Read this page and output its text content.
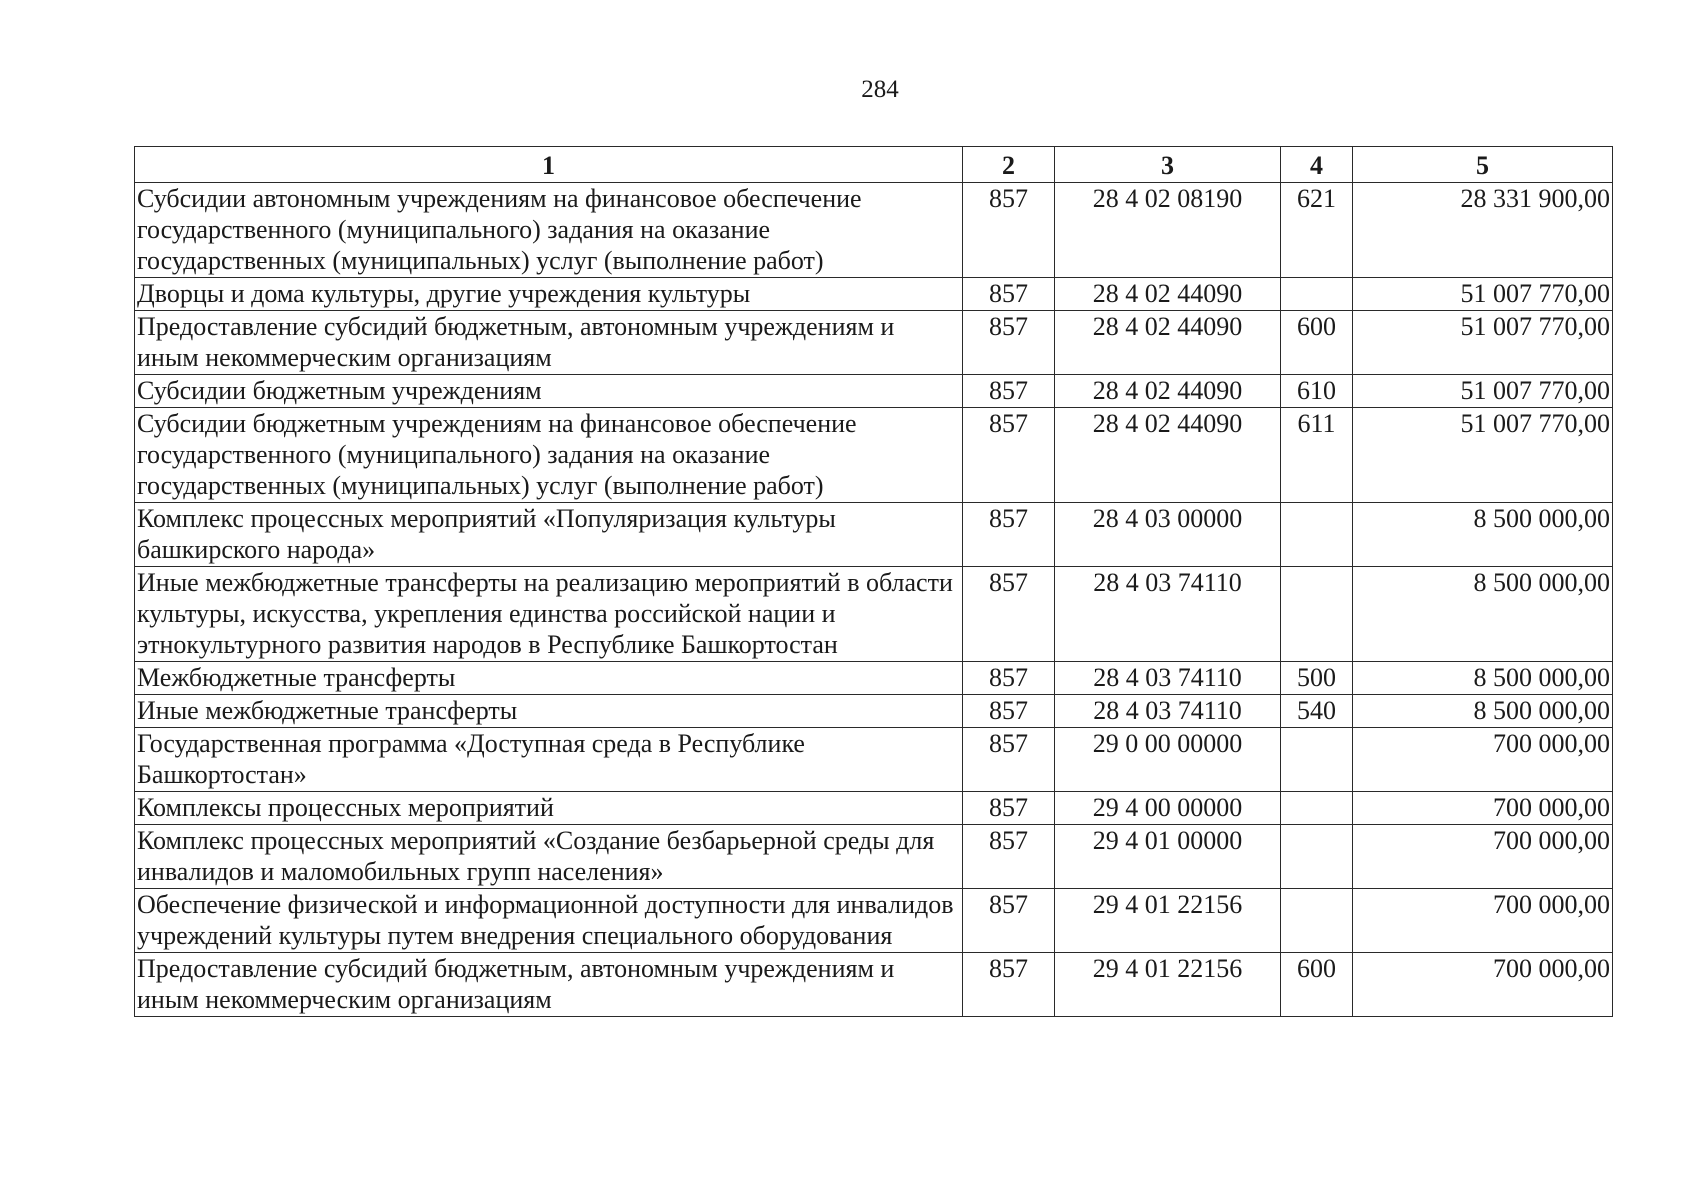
284
1	2	3	4	5
Субсидии автономным учреждениям на финансовое обеспечение государственного (муниципального) задания на оказание государственных (муниципальных) услуг (выполнение работ)	857	28 4 02 08190	621	28 331 900,00
Дворцы и дома культуры, другие учреждения культуры	857	28 4 02 44090		51 007 770,00
Предоставление субсидий бюджетным, автономным учреждениям и иным некоммерческим организациям	857	28 4 02 44090	600	51 007 770,00
Субсидии бюджетным учреждениям	857	28 4 02 44090	610	51 007 770,00
Субсидии бюджетным учреждениям на финансовое обеспечение государственного (муниципального) задания на оказание государственных (муниципальных) услуг (выполнение работ)	857	28 4 02 44090	611	51 007 770,00
Комплекс процессных мероприятий «Популяризация культуры башкирского народа»	857	28 4 03 00000		8 500 000,00
Иные межбюджетные трансферты на реализацию мероприятий в области культуры, искусства, укрепления единства российской нации и этнокультурного развития народов в Республике Башкортостан	857	28 4 03 74110		8 500 000,00
Межбюджетные трансферты	857	28 4 03 74110	500	8 500 000,00
Иные межбюджетные трансферты	857	28 4 03 74110	540	8 500 000,00
Государственная программа «Доступная среда в Республике Башкортостан»	857	29 0 00 00000		700 000,00
Комплексы процессных мероприятий	857	29 4 00 00000		700 000,00
Комплекс процессных мероприятий «Создание безбарьерной среды для инвалидов и маломобильных групп населения»	857	29 4 01 00000		700 000,00
Обеспечение физической и информационной доступности для инвалидов учреждений культуры путем внедрения специального оборудования	857	29 4 01 22156		700 000,00
Предоставление субсидий бюджетным, автономным учреждениям и иным некоммерческим организациям	857	29 4 01 22156	600	700 000,00
